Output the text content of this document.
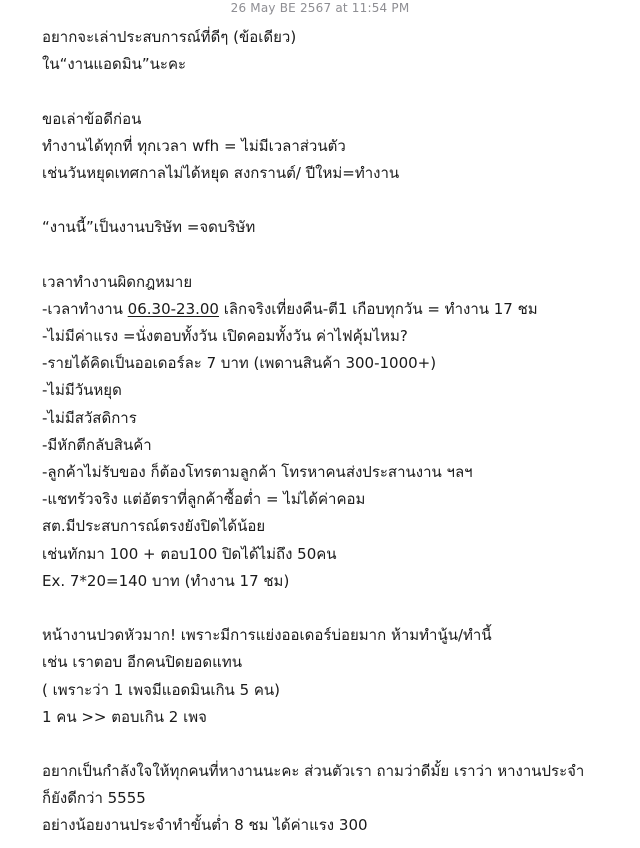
26 May BE 2567 at 11:54 PM
อยากจะเล่าประสบการณ์ที่ดีๆ (ข้อเดียว)
ใน“งานแอดมิน”นะคะ
ขอเล่าข้อดีก่อน
ทำงานได้ทุกที่ ทุกเวลา wfh = ไม่มีเวลาส่วนตัว
เช่นวันหยุดเทศกาลไม่ได้หยุด สงกรานต์/ ปีใหม่=ทำงาน
“งานนี้”เป็นงานบริษัท =จดบริษัท
เวลาทำงานผิดกฎหมาย
-เวลาทำงาน 06.30-23.00 เลิกจริงเที่ยงคืน-ตี1 เกือบทุกวัน = ทำงาน 17 ชม
-ไม่มีค่าแรง =นั่งตอบทั้งวัน เปิดคอมทั้งวัน ค่าไฟคุ้มไหม?
-รายได้คิดเป็นออเดอร์ละ 7 บาท (เพดานสินค้า 300-1000+)
-ไม่มีวันหยุด
-ไม่มีสวัสดิการ
-มีหักตีกลับสินค้า
-ลูกค้าไม่รับของ ก็ต้องโทรตามลูกค้า โทรหาคนส่งประสานงาน ฯลฯ
-แชทรัวจริง แต่อัตราที่ลูกค้าซื้อต่ำ = ไม่ได้ค่าคอม
สต.มีประสบการณ์ตรงยังปิดได้น้อย
เช่นทักมา 100 + ตอบ100 ปิดได้ไม่ถึง 50คน
Ex. 7*20=140 บาท (ทำงาน 17 ชม)
หน้างานปวดหัวมาก! เพราะมีการแย่งออเดอร์บ่อยมาก ห้ามทำนู้น/ทำนี้
เช่น เราตอบ อีกคนปิดยอดแทน
( เพราะว่า 1 เพจมีแอดมินเกิน 5 คน)
1 คน >> ตอบเกิน 2 เพจ
อยากเป็นกำลังใจให้ทุกคนที่หางานนะคะ ส่วนตัวเรา ถามว่าดีมั้ย เราว่า หางานประจำ
ก็ยังดีกว่า 5555
อย่างน้อยงานประจำทำขั้นต่ำ 8 ชม ได้ค่าแรง 300
